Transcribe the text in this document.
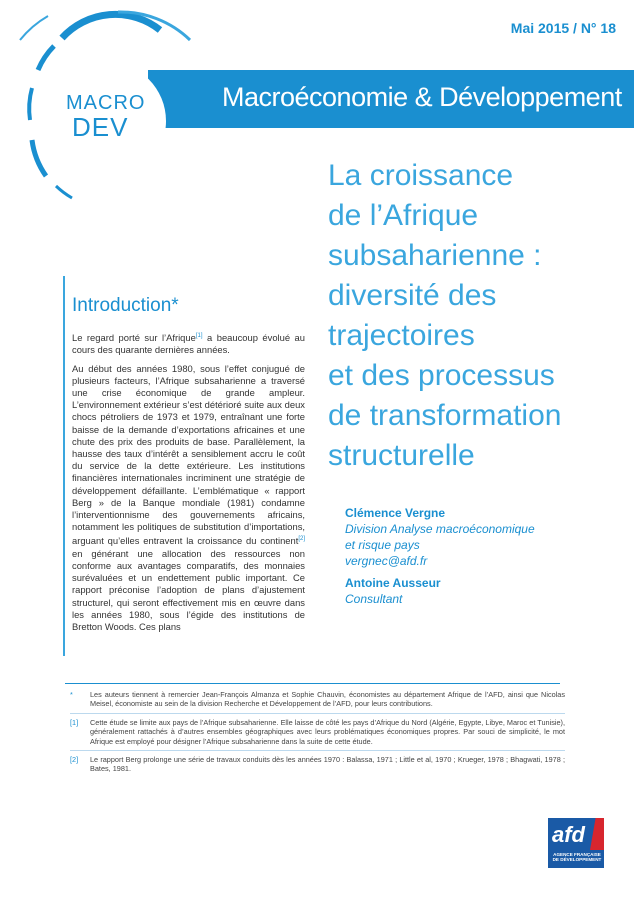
Macroéconomie & Développement
Mai 2015 / N° 18
MACRO
DEV
La croissance
de l’Afrique
subsaharienne :
diversité des
trajectoires
et des processus
de transformation
structurelle
Introduction*

Le regard porté sur l’Afrique[1] a beaucoup évolué au cours des quarante dernières années.

Au début des années 1980, sous l’effet conjugué de plusieurs facteurs, l’Afrique subsaharienne a traversé une crise économique de grande ampleur. L’environnement extérieur s’est détérioré suite aux deux chocs pétroliers de 1973 et 1979, entraînant une forte baisse de la demande d’exportations africaines et une chute des prix des produits de base. Parallèlement, la hausse des taux d’intérêt a sensiblement accru le coût du service de la dette extérieure. Les institutions financières internationales incriminent une stratégie de développement défaillante. L’emblématique « rapport Berg » de la Banque mondiale (1981) condamne l’interventionnisme des gouvernements africains, notamment les politiques de substitution d’importations, arguant qu’elles entravent la croissance du continent[2] en générant une allocation des ressources non conforme aux avantages comparatifs, des monnaies surévaluées et un endettement public important. Ce rapport préconise l’adoption de plans d’ajustement structurel, qui seront effectivement mis en œuvre dans les années 1980, sous l’égide des institutions de Bretton Woods. Ces plans

Clémence Vergne
Division Analyse macroéconomique
et risque pays
vergnec@afd.fr
Antoine Ausseur
Consultant
*	Les auteurs tiennent à remercier Jean-François Almanza et Sophie Chauvin, économistes au département Afrique de l’AFD, ainsi que Nicolas Meisel, économiste au sein de la division Recherche et Développement de l’AFD, pour leurs contributions.
[1]	Cette étude se limite aux pays de l’Afrique subsaharienne. Elle laisse de côté les pays d’Afrique du Nord (Algérie, Egypte, Libye, Maroc et Tunisie), généralement rattachés à d’autres ensembles géographiques avec leurs problématiques économiques propres. Par souci de simplicité, le mot Afrique est employé pour désigner l’Afrique subsaharienne dans la suite de cette étude.
[2]	Le rapport Berg prolonge une série de travaux conduits dès les années 1970 : Balassa, 1971 ; Little et al, 1970 ; Krueger, 1978 ; Bhagwati, 1978 ; Bates, 1981.
afd
AGENCE FRANÇAISE
DE DÉVELOPPEMENT
